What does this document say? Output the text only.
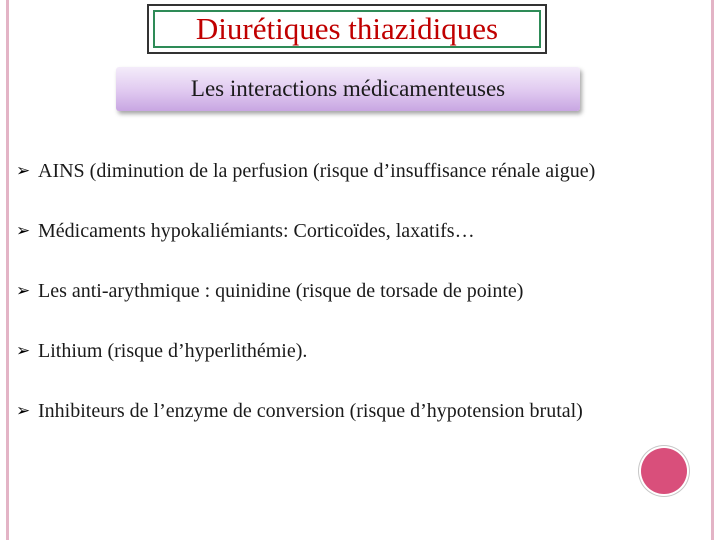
Diurétiques thiazidiques
Les interactions médicamenteuses
➢ AINS (diminution de la perfusion (risque d’insuffisance rénale aigue)
➢ Médicaments hypokaliémiants: Corticoïdes, laxatifs…
➢ Les anti-arythmique : quinidine (risque de torsade de pointe)
➢ Lithium (risque d’hyperlithémie).
➢ Inhibiteurs de l’enzyme de conversion (risque d’hypotension brutal)
